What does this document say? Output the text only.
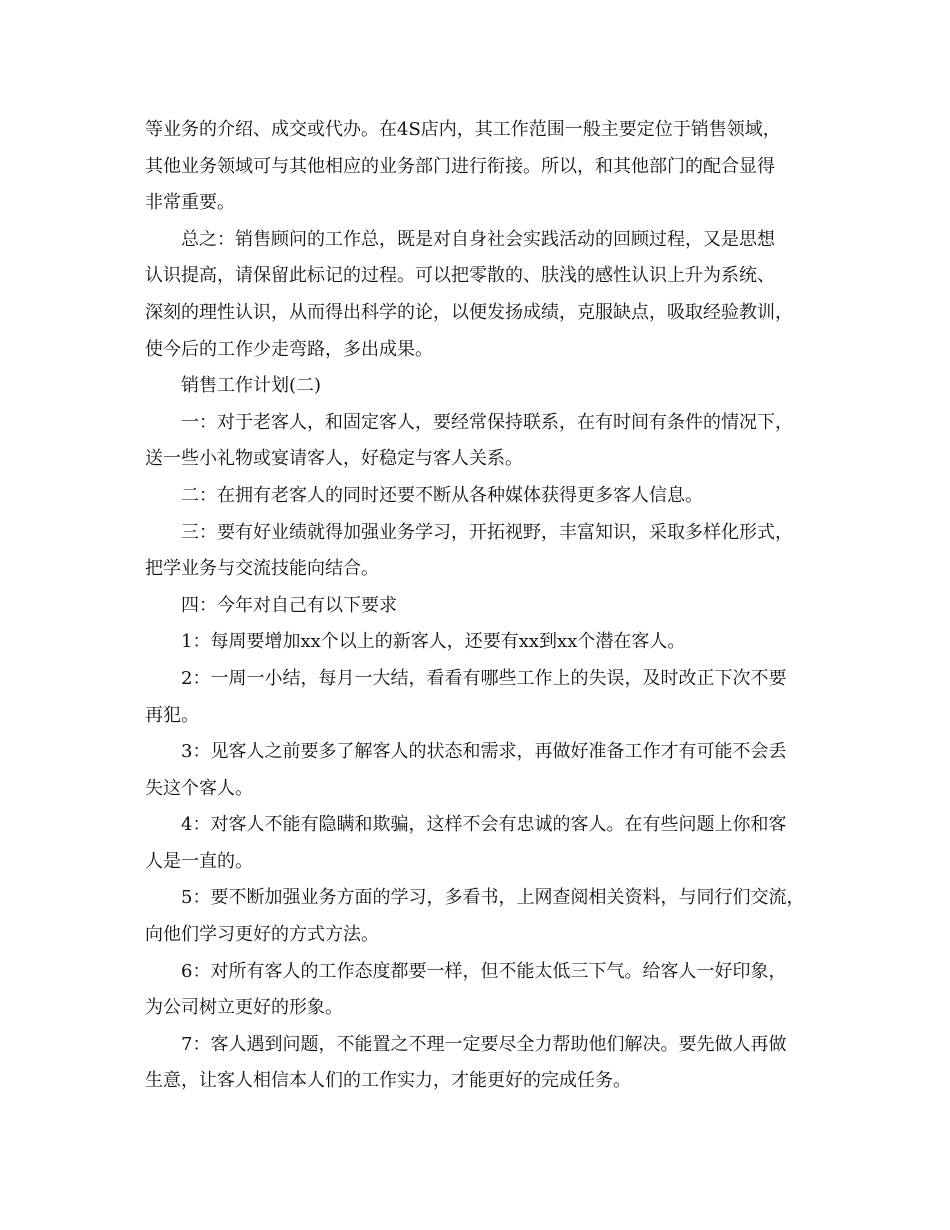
等业务的介绍、成交或代办。在4S店内，其工作范围一般主要定位于销售领域，
其他业务领域可与其他相应的业务部门进行衔接。所以，和其他部门的配合显得
非常重要。
总之：销售顾问的工作总，既是对自身社会实践活动的回顾过程，又是思想
认识提高，请保留此标记的过程。可以把零散的、肤浅的感性认识上升为系统、
深刻的理性认识，从而得出科学的论，以便发扬成绩，克服缺点，吸取经验教训，
使今后的工作少走弯路，多出成果。
销售工作计划(二)
一：对于老客人，和固定客人，要经常保持联系，在有时间有条件的情况下，
送一些小礼物或宴请客人，好稳定与客人关系。
二：在拥有老客人的同时还要不断从各种媒体获得更多客人信息。
三：要有好业绩就得加强业务学习，开拓视野，丰富知识，采取多样化形式，
把学业务与交流技能向结合。
四：今年对自己有以下要求
1：每周要增加xx个以上的新客人，还要有xx到xx个潜在客人。
2：一周一小结，每月一大结，看看有哪些工作上的失误，及时改正下次不要
再犯。
3：见客人之前要多了解客人的状态和需求，再做好准备工作才有可能不会丢
失这个客人。
4：对客人不能有隐瞒和欺骗，这样不会有忠诚的客人。在有些问题上你和客
人是一直的。
5：要不断加强业务方面的学习，多看书，上网查阅相关资料，与同行们交流，
向他们学习更好的方式方法。
6：对所有客人的工作态度都要一样，但不能太低三下气。给客人一好印象，
为公司树立更好的形象。
7：客人遇到问题，不能置之不理一定要尽全力帮助他们解决。要先做人再做
生意，让客人相信本人们的工作实力，才能更好的完成任务。
